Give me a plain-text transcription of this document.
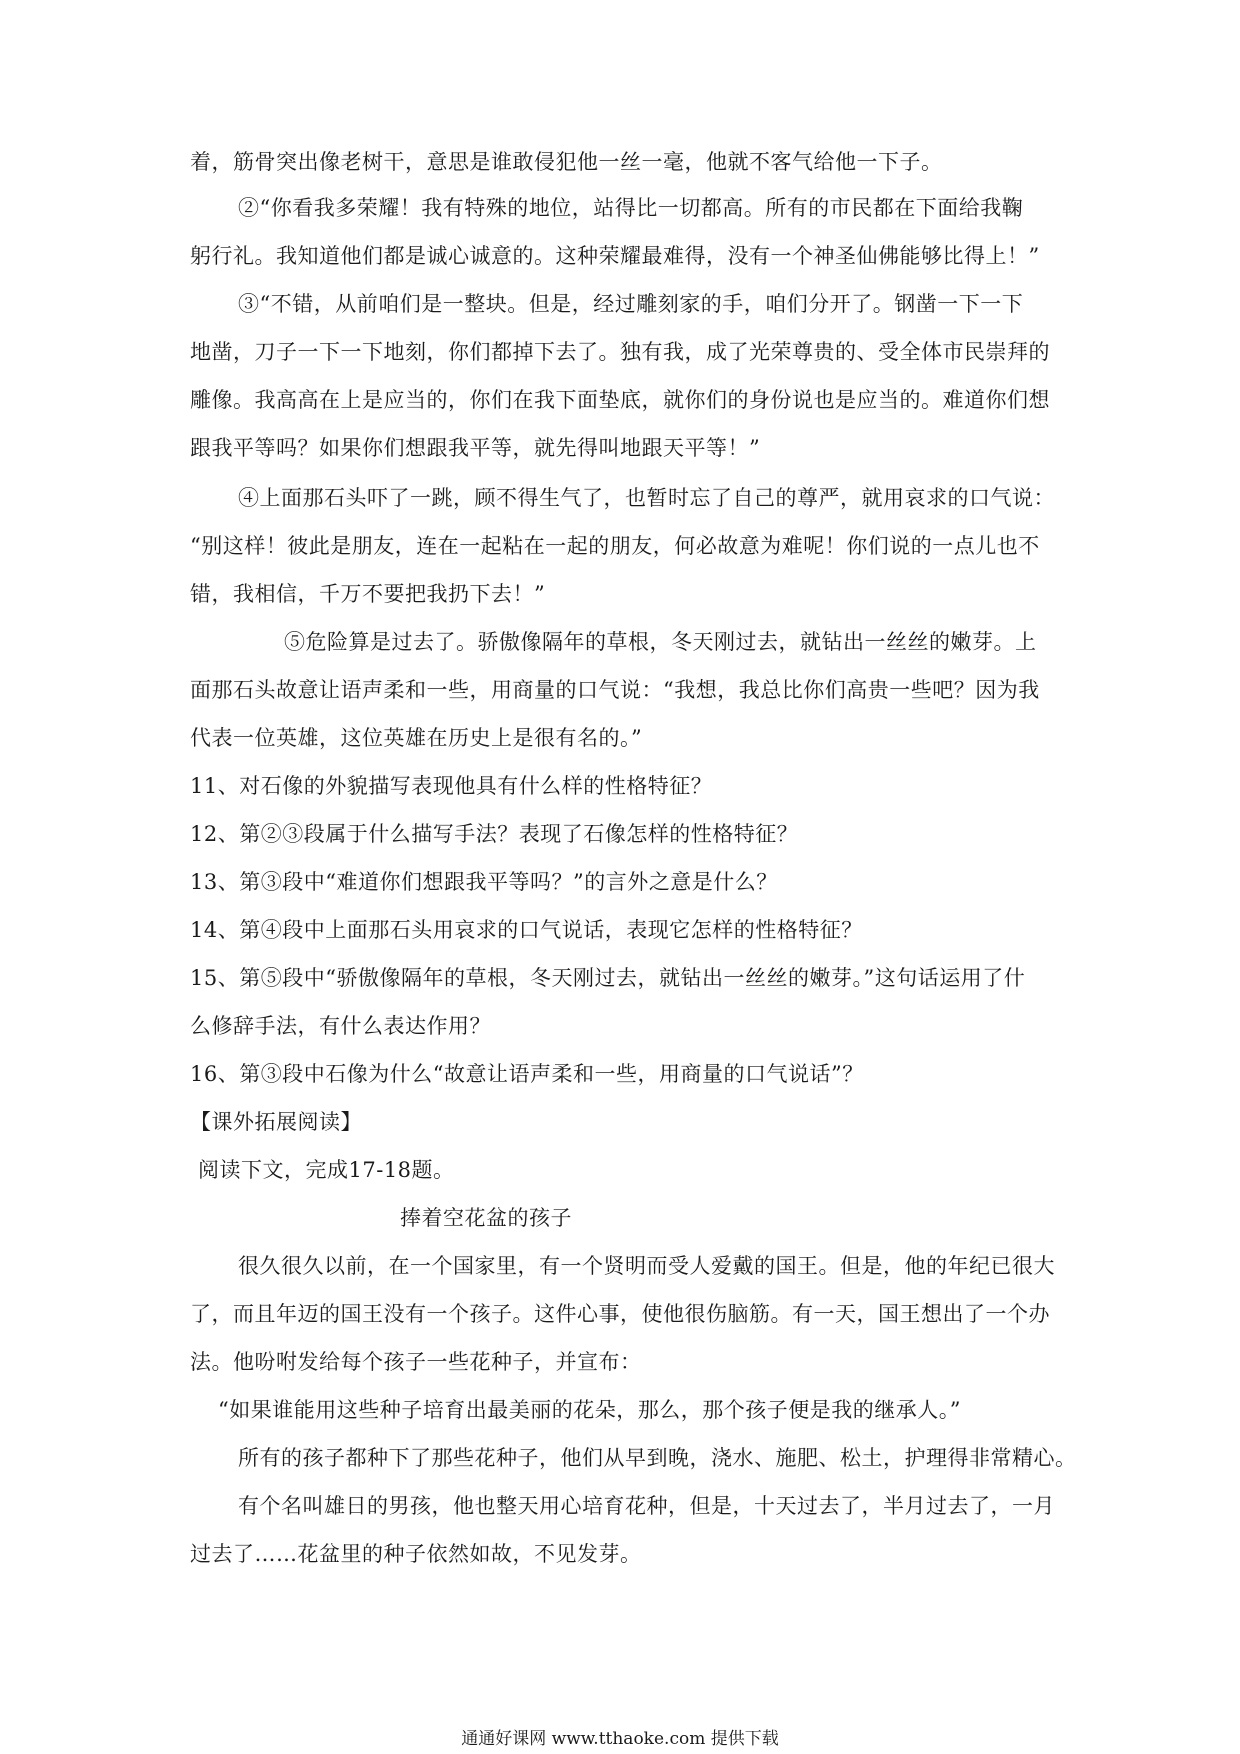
着，筋骨突出像老树干，意思是谁敢侵犯他一丝一毫，他就不客气给他一下子。
②“你看我多荣耀！我有特殊的地位，站得比一切都高。所有的市民都在下面给我鞠
躬行礼。我知道他们都是诚心诚意的。这种荣耀最难得，没有一个神圣仙佛能够比得上！”
③“不错，从前咱们是一整块。但是，经过雕刻家的手，咱们分开了。钢凿一下一下
地凿，刀子一下一下地刻，你们都掉下去了。独有我，成了光荣尊贵的、受全体市民崇拜的
雕像。我高高在上是应当的，你们在我下面垫底，就你们的身份说也是应当的。难道你们想
跟我平等吗？如果你们想跟我平等，就先得叫地跟天平等！”
④上面那石头吓了一跳，顾不得生气了，也暂时忘了自己的尊严，就用哀求的口气说：
“别这样！彼此是朋友，连在一起粘在一起的朋友，何必故意为难呢！你们说的一点儿也不
错，我相信，千万不要把我扔下去！”
⑤危险算是过去了。骄傲像隔年的草根，冬天刚过去，就钻出一丝丝的嫩芽。上
面那石头故意让语声柔和一些，用商量的口气说：“我想，我总比你们高贵一些吧？因为我
代表一位英雄，这位英雄在历史上是很有名的。”
11、对石像的外貌描写表现他具有什么样的性格特征？
12、第②③段属于什么描写手法？表现了石像怎样的性格特征？
13、第③段中“难道你们想跟我平等吗？”的言外之意是什么？
14、第④段中上面那石头用哀求的口气说话，表现它怎样的性格特征？
15、第⑤段中“骄傲像隔年的草根，冬天刚过去，就钻出一丝丝的嫩芽。”这句话运用了什
么修辞手法，有什么表达作用？
16、第③段中石像为什么“故意让语声柔和一些，用商量的口气说话”？
【课外拓展阅读】
阅读下文，完成17-18题。
捧着空花盆的孩子
很久很久以前，在一个国家里，有一个贤明而受人爱戴的国王。但是，他的年纪已很大
了，而且年迈的国王没有一个孩子。这件心事，使他很伤脑筋。有一天，国王想出了一个办
法。他吩咐发给每个孩子一些花种子，并宣布：
“如果谁能用这些种子培育出最美丽的花朵，那么，那个孩子便是我的继承人。”
所有的孩子都种下了那些花种子，他们从早到晚，浇水、施肥、松土，护理得非常精心。
有个名叫雄日的男孩，他也整天用心培育花种，但是，十天过去了，半月过去了，一月
过去了……花盆里的种子依然如故，不见发芽。
通通好课网 www.tthaoke.com 提供下载
